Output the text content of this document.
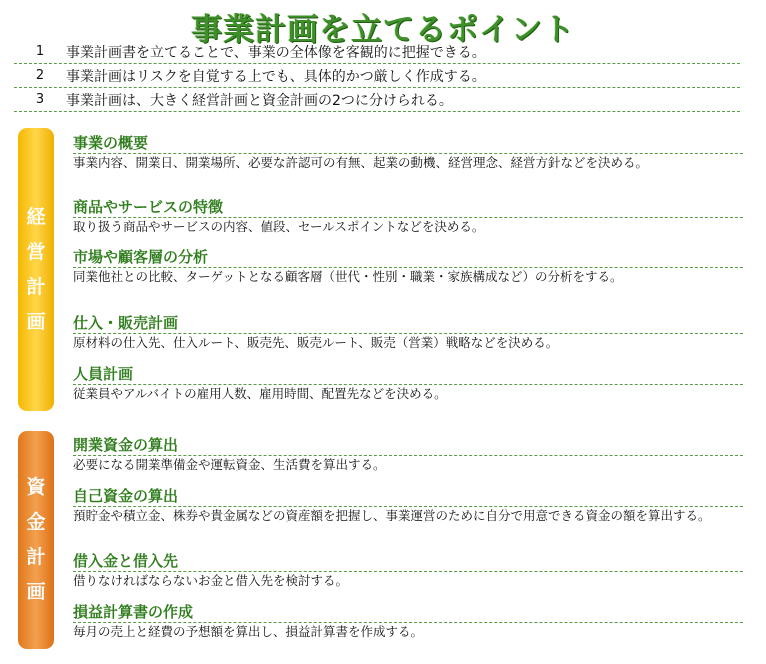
事業計画を立てるポイント
1	事業計画書を立てることで、事業の全体像を客観的に把握できる。
2	事業計画はリスクを自覚する上でも、具体的かつ厳しく作成する。
3	事業計画は、大きく経営計画と資金計画の2つに分けられる。
経
営
計
画
事業の概要
事業内容、開業日、開業場所、必要な許認可の有無、起業の動機、経営理念、経営方針などを決める。
商品やサービスの特徴
取り扱う商品やサービスの内容、値段、セールスポイントなどを決める。
市場や顧客層の分析
同業他社との比較、ターゲットとなる顧客層（世代・性別・職業・家族構成など）の分析をする。
仕入・販売計画
原材料の仕入先、仕入ルート、販売先、販売ルート、販売（営業）戦略などを決める。
人員計画
従業員やアルバイトの雇用人数、雇用時間、配置先などを決める。
資
金
計
画
開業資金の算出
必要になる開業準備金や運転資金、生活費を算出する。
自己資金の算出
預貯金や積立金、株券や貴金属などの資産額を把握し、事業運営のために自分で用意できる資金の額を算出する。
借入金と借入先
借りなければならないお金と借入先を検討する。
損益計算書の作成
毎月の売上と経費の予想額を算出し、損益計算書を作成する。
